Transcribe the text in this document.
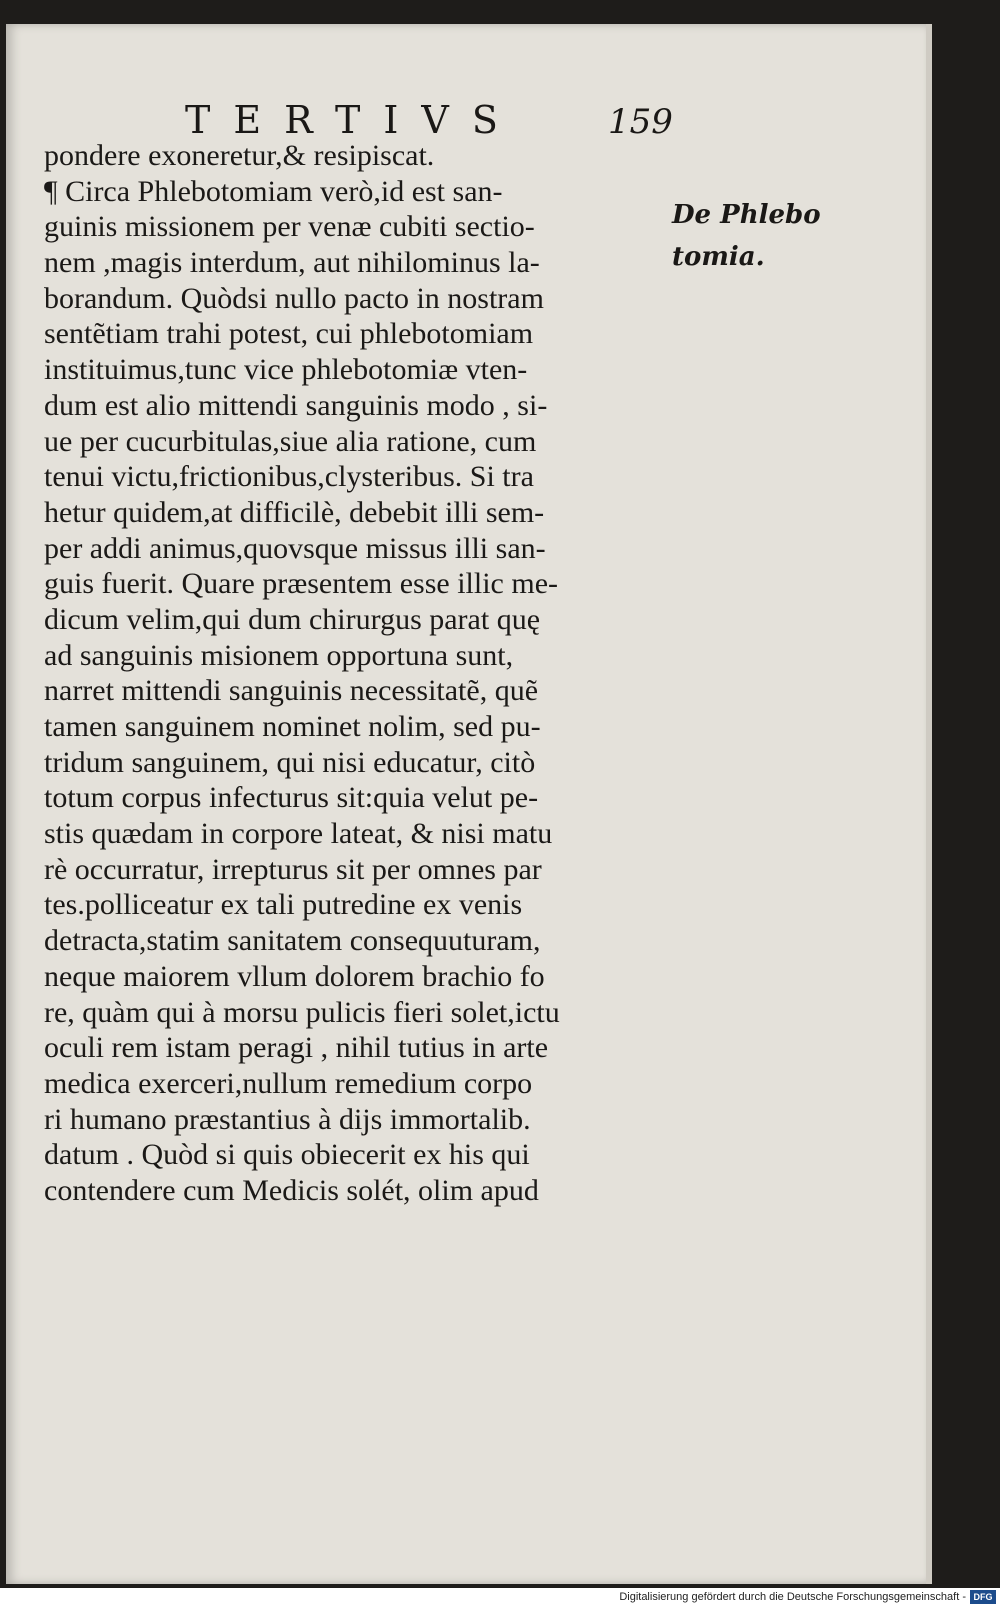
TERTIVS	159
pondere exoneretur,& resipiscat.
¶ Circa Phlebotomiam verò,id est san-
guinis missionem per venæ cubiti sectio-
nem ,magis interdum, aut nihilominus la-
borandum. Quòdsi nullo pacto in nostram
sentẽtiam trahi potest, cui phlebotomiam
instituimus,tunc vice phlebotomiæ vten-
dum est alio mittendi sanguinis modo , si-
ue per cucurbitulas,siue alia ratione, cum
tenui victu,frictionibus,clysteribus. Si tra
hetur quidem,at difficilè, debebit illi sem-
per addi animus,quovsque missus illi san-
guis fuerit. Quare præsentem esse illic me-
dicum velim,qui dum chirurgus parat quę
ad sanguinis misionem opportuna sunt,
narret mittendi sanguinis necessitatẽ, quẽ
tamen sanguinem nominet nolim, sed pu-
tridum sanguinem, qui nisi educatur, citò
totum corpus infecturus sit:quia velut pe-
stis quædam in corpore lateat, & nisi matu
rè occurratur, irrepturus sit per omnes par
tes.polliceatur ex tali putredine ex venis
detracta,statim sanitatem consequuturam,
neque maiorem vllum dolorem brachio fo
re, quàm qui à morsu pulicis fieri solet,ictu
oculi rem istam peragi , nihil tutius in arte
medica exerceri,nullum remedium corpo
ri humano præstantius à dijs immortalib.
datum . Quòd si quis obiecerit ex his qui
contendere cum Medicis solét, olim apud
De Phlebo
tomia.
Digitalisierung gefördert durch die Deutsche Forschungsgemeinschaft - DFG
